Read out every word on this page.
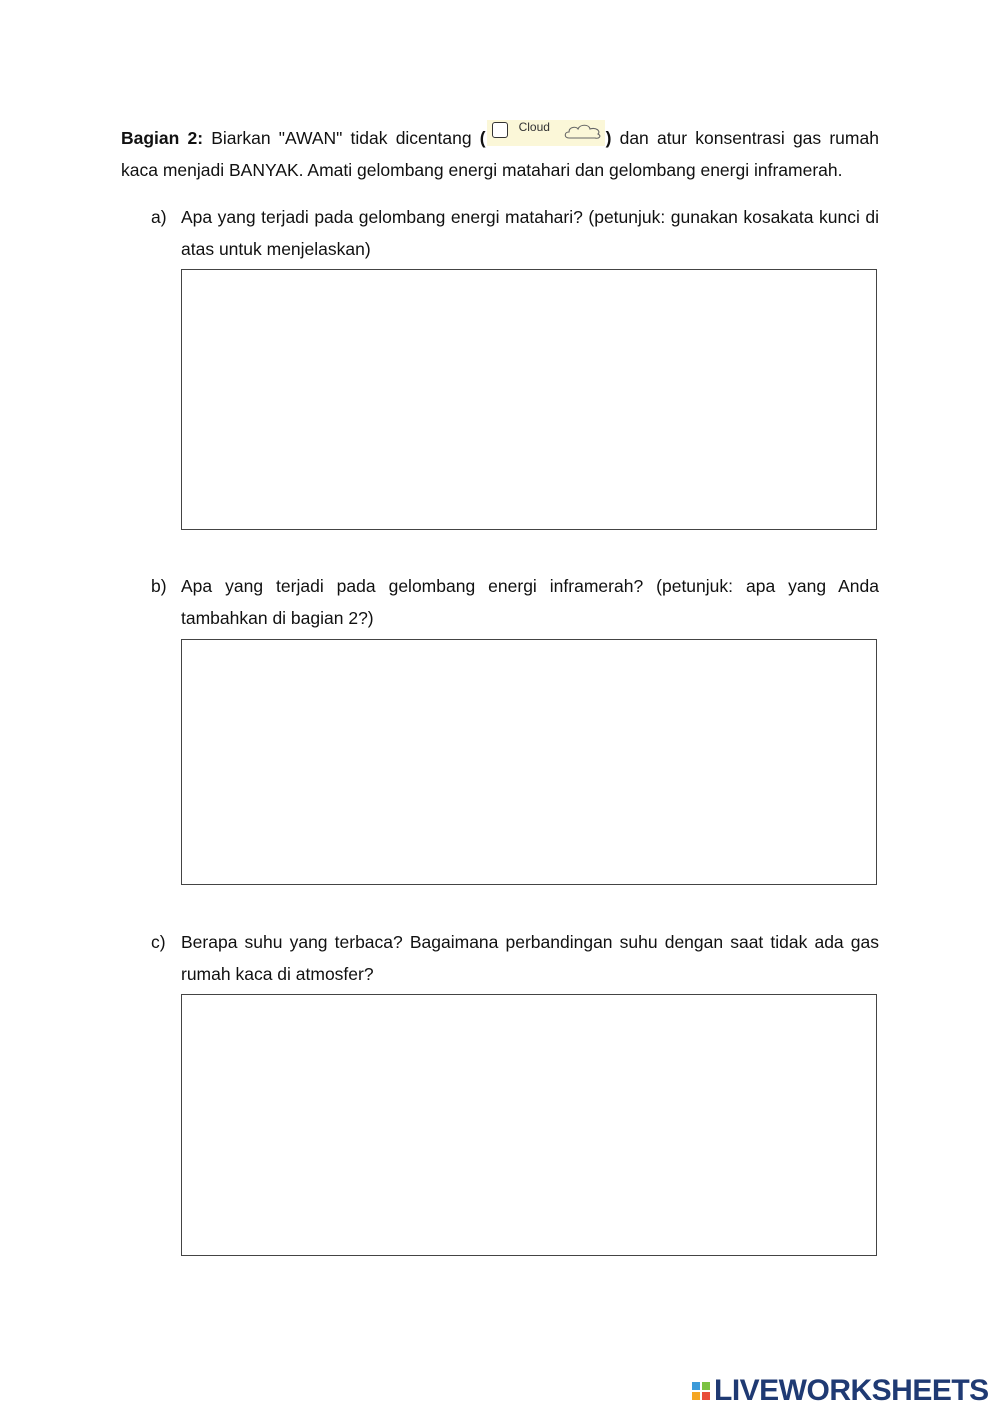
Bagian 2: Biarkan "AWAN" tidak dicentang (
Cloud
) dan atur konsentrasi gas rumah kaca menjadi BANYAK. Amati gelombang energi matahari dan gelombang energi inframerah.
a) Apa yang terjadi pada gelombang energi matahari? (petunjuk: gunakan kosakata kunci di atas untuk menjelaskan)
b) Apa yang terjadi pada gelombang energi inframerah? (petunjuk: apa yang Anda tambahkan di bagian 2?)
c) Berapa suhu yang terbaca? Bagaimana perbandingan suhu dengan saat tidak ada gas rumah kaca di atmosfer?
LIVEWORKSHEETS
